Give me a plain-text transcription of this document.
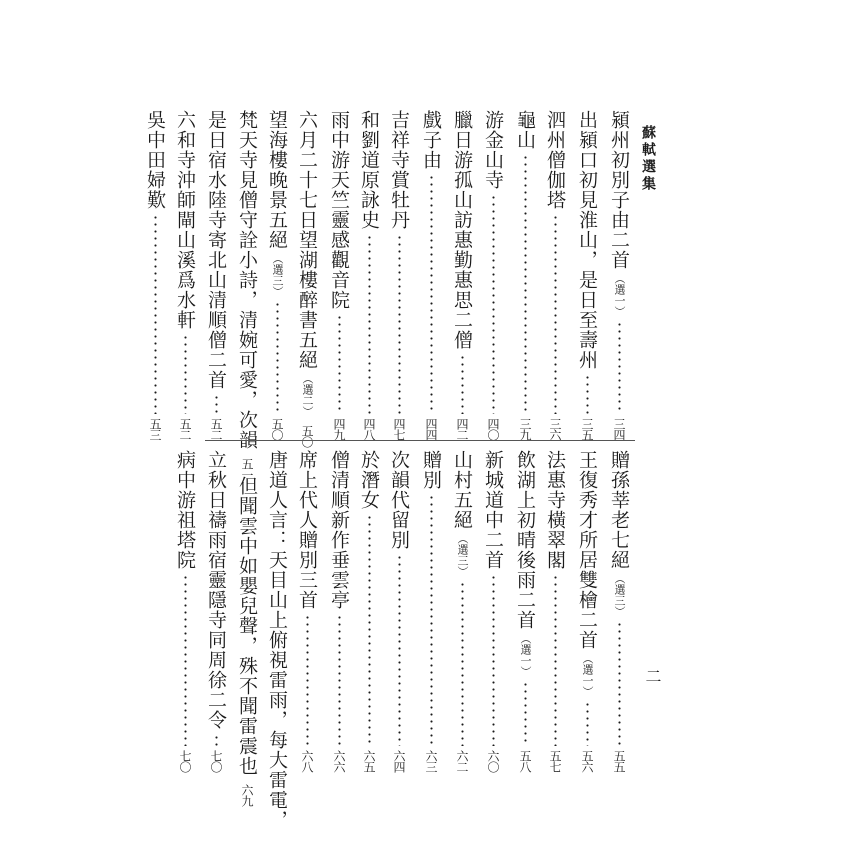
蘇軾選集
二
潁州初別子由二首
（選一）
三四
出潁口初見淮山，是日至壽州
三五
泗州僧伽塔
三六
龜山
三九
游金山寺
四〇
臘日游孤山訪惠勤惠思二僧
四二
戲子由
四四
吉祥寺賞牡丹
四七
和劉道原詠史
四八
雨中游天竺靈感觀音院
四九
六月二十七日望湖樓醉書五絕
（選二）
五〇
望海樓晚景五絕
（選三）
五〇
梵天寺見僧守詮小詩，清婉可愛，次韻
五一
是日宿水陸寺寄北山清順僧二首
五二
六和寺沖師閘山溪爲水軒
五二
吳中田婦歎
五三
贈孫莘老七絕
（選三）
五五
王復秀才所居雙檜二首
（選一）
五六
法惠寺橫翠閣
五七
飲湖上初晴後雨二首
（選一）
五八
新城道中二首
六〇
山村五絕
（選三）
六二
贈別
六三
次韻代留別
六四
於潛女
六五
僧清順新作垂雲亭
六六
席上代人贈別三首
六八
唐道人言：天目山上俯視雷雨，每大雷電，
但聞雲中如嬰兒聲，殊不聞雷震也
六九
立秋日禱雨宿靈隱寺同周徐二令
七〇
病中游祖塔院
七〇
